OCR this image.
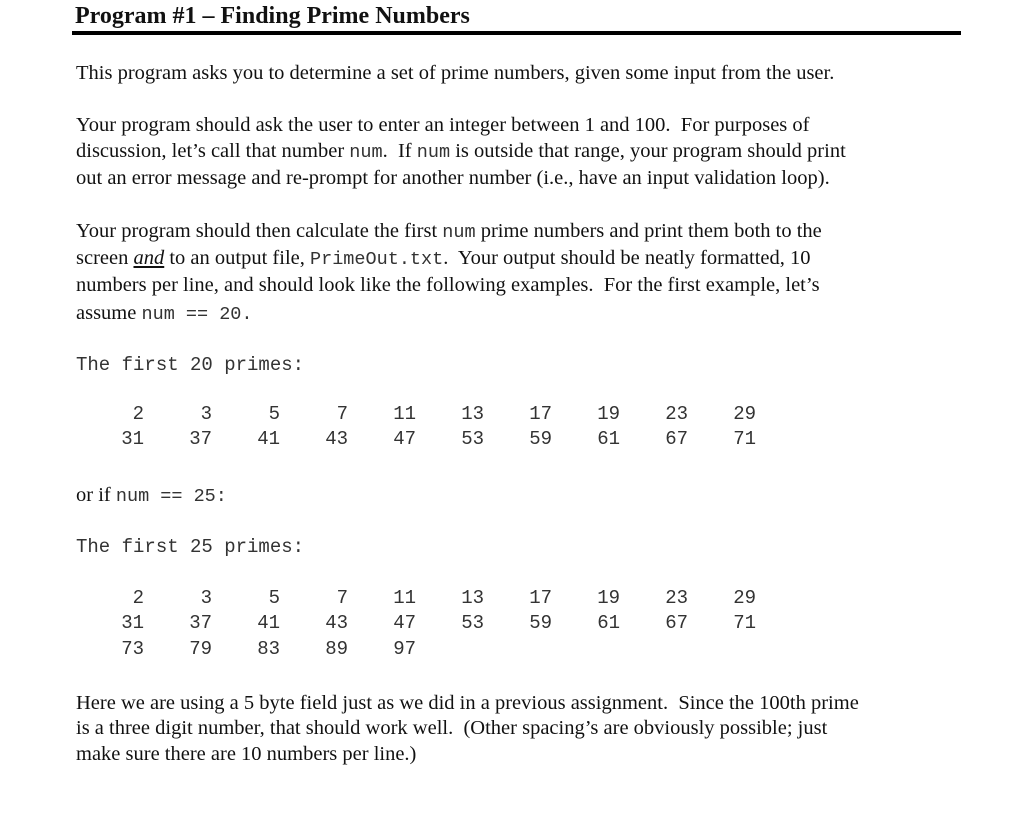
Program #1 – Finding Prime Numbers
This program asks you to determine a set of prime numbers, given some input from the user.
Your program should ask the user to enter an integer between 1 and 100.  For purposes of
discussion, let’s call that number num.  If num is outside that range, your program should print
out an error message and re-prompt for another number (i.e., have an input validation loop).
Your program should then calculate the first num prime numbers and print them both to the
screen and to an output file, PrimeOut.txt.  Your output should be neatly formatted, 10
numbers per line, and should look like the following examples.  For the first example, let’s
assume num == 20.
or if num == 25:
Here we are using a 5 byte field just as we did in a previous assignment.  Since the 100th prime
is a three digit number, that should work well.  (Other spacing’s are obviously possible; just
make sure there are 10 numbers per line.)
The first 20 primes:
2	3	5	7	11	13	17	19	23	29
31	37	41	43	47	53	59	61	67	71
The first 25 primes:
2	3	5	7	11	13	17	19	23	29
31	37	41	43	47	53	59	61	67	71
73	79	83	89	97
